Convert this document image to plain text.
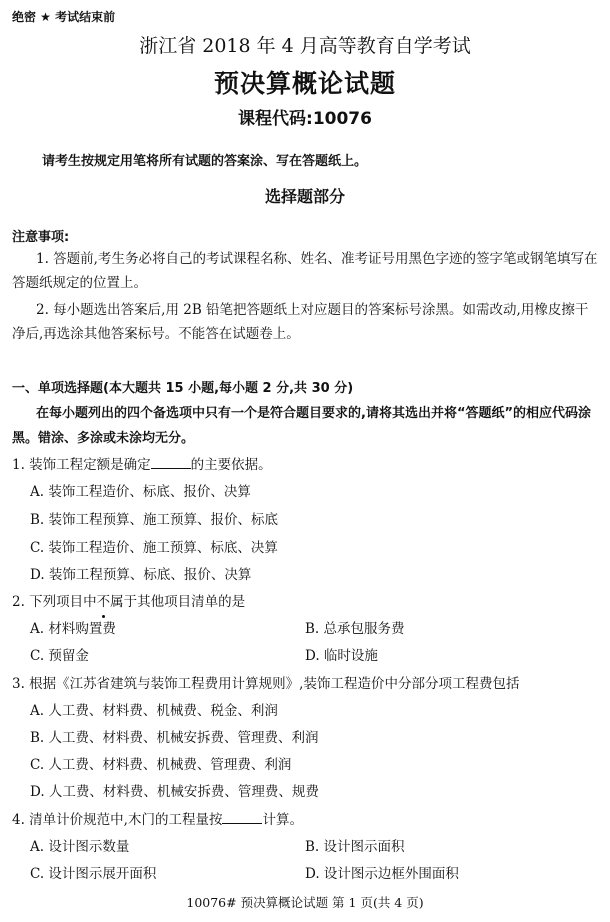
绝密 ★ 考试结束前
浙江省 2018 年 4 月高等教育自学考试
预决算概论试题
课程代码:10076
请考生按规定用笔将所有试题的答案涂、写在答题纸上。
选择题部分
注意事项:
1. 答题前,考生务必将自己的考试课程名称、姓名、准考证号用黑色字迹的签字笔或钢笔填写在答题纸规定的位置上。
2. 每小题选出答案后,用 2B 铅笔把答题纸上对应题目的答案标号涂黑。如需改动,用橡皮擦干净后,再选涂其他答案标号。不能答在试题卷上。
一、单项选择题(本大题共 15 小题,每小题 2 分,共 30 分)
在每小题列出的四个备选项中只有一个是符合题目要求的,请将其选出并将“答题纸”的相应代码涂黑。错涂、多涂或未涂均无分。
1. 装饰工程定额是确定	的主要依据。
A. 装饰工程造价、标底、报价、决算
B. 装饰工程预算、施工预算、报价、标底
C. 装饰工程造价、施工预算、标底、决算
D. 装饰工程预算、标底、报价、决算
2. 下列项目中不属于其他项目清单的是
A. 材料购置费	B. 总承包服务费
C. 预留金	D. 临时设施
3. 根据《江苏省建筑与装饰工程费用计算规则》,装饰工程造价中分部分项工程费包括
A. 人工费、材料费、机械费、税金、利润
B. 人工费、材料费、机械安拆费、管理费、利润
C. 人工费、材料费、机械费、管理费、利润
D. 人工费、材料费、机械安拆费、管理费、规费
4. 清单计价规范中,木门的工程量按	计算。
A. 设计图示数量	B. 设计图示面积
C. 设计图示展开面积	D. 设计图示边框外围面积
10076# 预决算概论试题 第 1 页(共 4 页)
